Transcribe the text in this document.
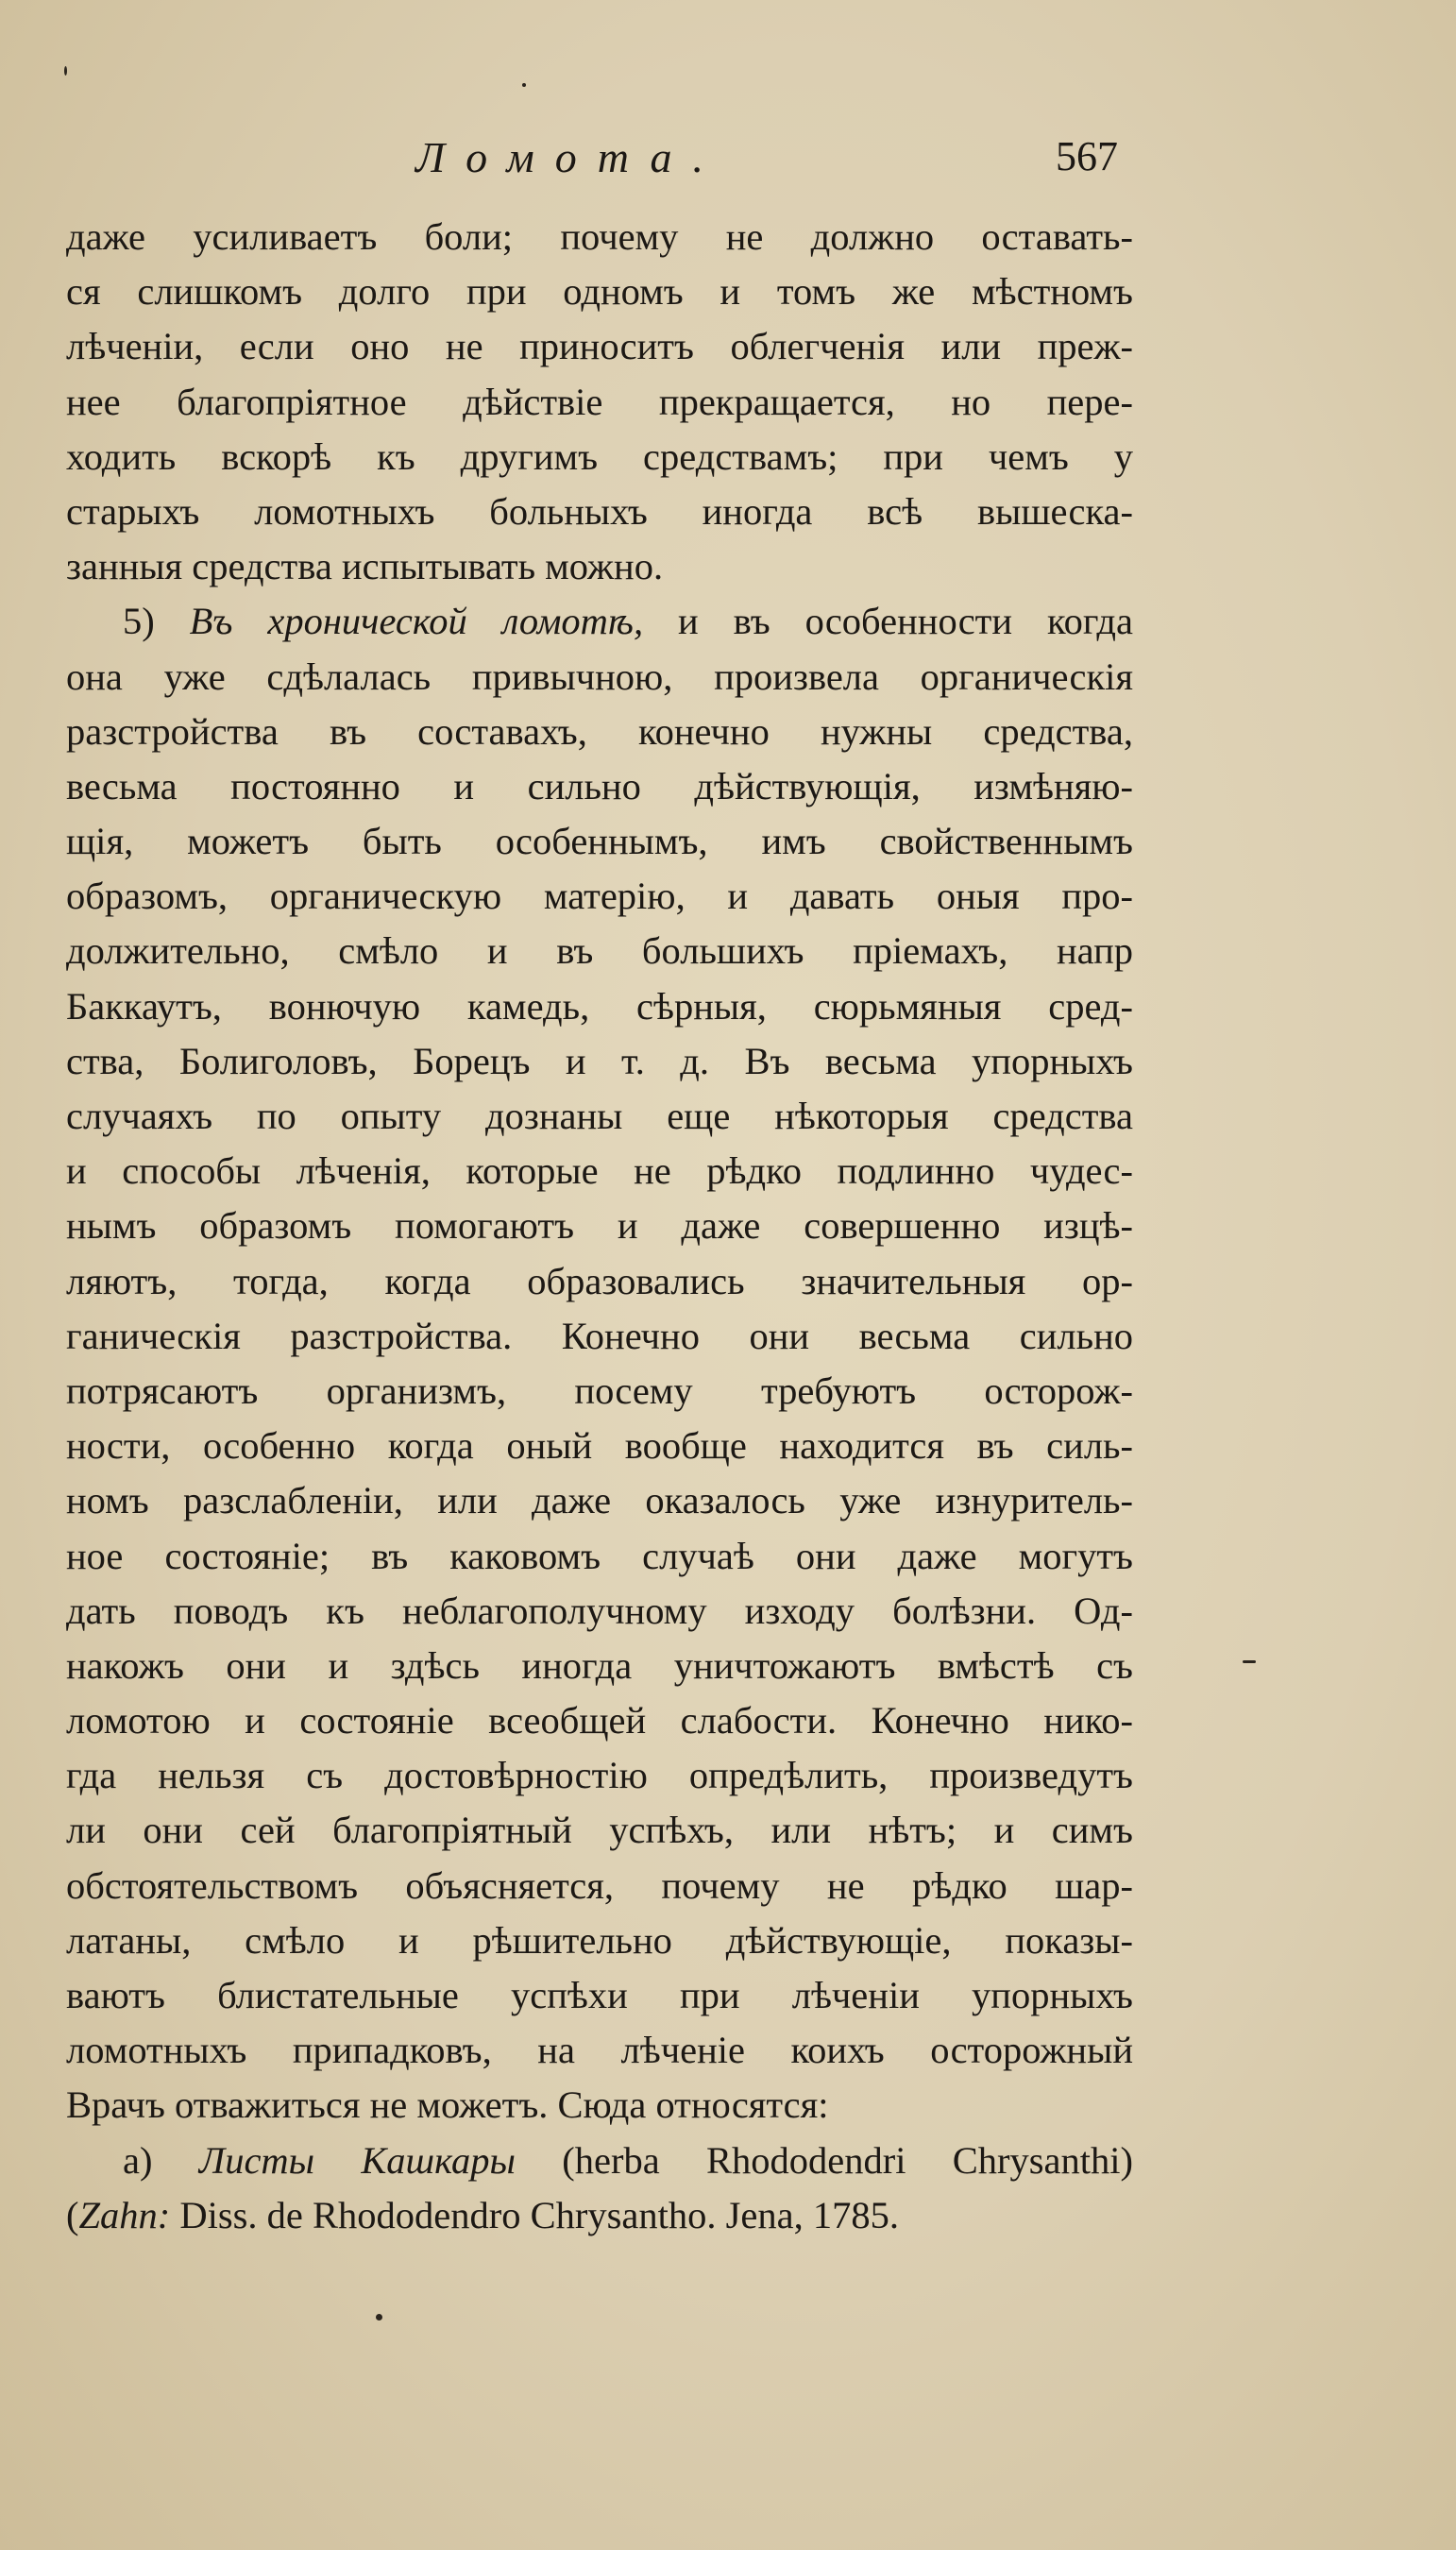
Ломота.	567
даже усиливаетъ боли; почему не должно оставать-
ся слишкомъ долго при одномъ и томъ же мѣстномъ
лѣченіи, если оно не приноситъ облегченія или преж-
нее благопріятное дѣйствіе прекращается, но пере-
ходить вскорѣ къ другимъ средствамъ; при чемъ у
старыхъ ломотныхъ больныхъ иногда всѣ вышеска-
занныя средства испытывать можно.
5) Въ хронической ломотѣ, и въ особенности когда
она уже сдѣлалась привычною, произвела органическія
разстройства въ составахъ, конечно нужны средства,
весьма постоянно и сильно дѣйствующія, измѣняю-
щія, можетъ быть особеннымъ, имъ свойственнымъ
образомъ, органическую матерію, и давать оныя про-
должительно, смѣло и въ большихъ пріемахъ, напр
Баккаутъ, вонючую камедь, сѣрныя, сюрьмяныя сред-
ства, Болиголовъ, Борецъ и т. д. Въ весьма упорныхъ
случаяхъ по опыту дознаны еще нѣкоторыя средства
и способы лѣченія, которые не рѣдко подлинно чудес-
нымъ образомъ помогаютъ и даже совершенно изцѣ-
ляютъ, тогда, когда образовались значительныя ор-
ганическія разстройства. Конечно они весьма сильно
потрясаютъ организмъ, посему требуютъ осторож-
ности, особенно когда оный вообще находится въ силь-
номъ разслабленіи, или даже оказалось уже изнуритель-
ное состояніе; въ каковомъ случаѣ они даже могутъ
дать поводъ къ неблагополучному изходу болѣзни. Од-
накожъ они и здѣсь иногда уничтожаютъ вмѣстѣ съ
ломотою и состояніе всеобщей слабости. Конечно нико-
гда нельзя съ достовѣрностію опредѣлить, произведутъ
ли они сей благопріятный успѣхъ, или нѣтъ; и симъ
обстоятельствомъ объясняется, почему не рѣдко шар-
латаны, смѣло и рѣшительно дѣйствующіе, показы-
ваютъ блистательные успѣхи при лѣченіи упорныхъ
ломотныхъ припадковъ, на лѣченіе коихъ осторожный
Врачъ отважиться не можетъ. Сюда относятся:
a) Листы Кашкары (herba Rhododendri Chrysanthi)
(Zahn: Diss. de Rhododendro Chrysantho. Jena, 1785.
